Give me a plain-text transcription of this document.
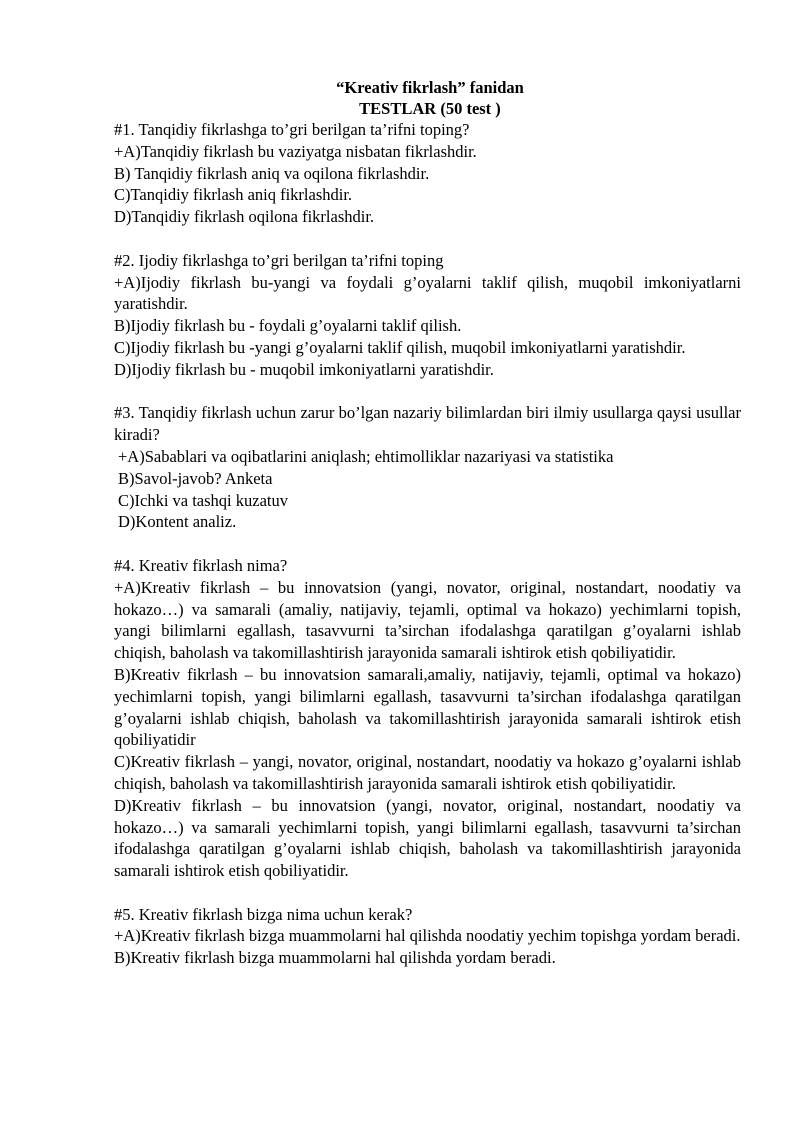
“Kreativ fikrlash” fanidan
TESTLAR (50 test )

#1. Tanqidiy fikrlashga to’gri berilgan ta’rifni toping?

+A)Tanqidiy fikrlash bu vaziyatga nisbatan fikrlashdir.

B) Tanqidiy fikrlash aniq va oqilona fikrlashdir.

C)Tanqidiy fikrlash aniq fikrlashdir.

D)Tanqidiy fikrlash oqilona fikrlashdir.

#2. Ijodiy fikrlashga to’gri berilgan ta’rifni toping

+A)Ijodiy fikrlash bu-yangi va foydali g’oyalarni taklif qilish, muqobil imkoniyatlarni yaratishdir.

B)Ijodiy fikrlash bu - foydali g’oyalarni taklif qilish.

C)Ijodiy fikrlash bu -yangi g’oyalarni taklif qilish, muqobil imkoniyatlarni yaratishdir.

D)Ijodiy fikrlash bu - muqobil imkoniyatlarni yaratishdir.

#3. Tanqidiy fikrlash uchun zarur bo’lgan nazariy bilimlardan biri ilmiy usullarga qaysi usullar kiradi?

+A)Sabablari va oqibatlarini aniqlash; ehtimolliklar nazariyasi va statistika

B)Savol-javob? Anketa

C)Ichki va tashqi kuzatuv

D)Kontent analiz.

#4. Kreativ fikrlash nima?

+A)Kreativ fikrlash – bu innovatsion (yangi, novator, original, nostandart, noodatiy va hokazo…) va samarali (amaliy, natijaviy, tejamli, optimal va hokazo) yechimlarni topish, yangi bilimlarni egallash, tasavvurni ta’sirchan ifodalashga qaratilgan g’oyalarni ishlab chiqish, baholash va takomillashtirish jarayonida samarali ishtirok etish qobiliyatidir.

B)Kreativ fikrlash – bu innovatsion samarali,amaliy, natijaviy, tejamli, optimal va hokazo) yechimlarni topish, yangi bilimlarni egallash, tasavvurni ta’sirchan ifodalashga qaratilgan g’oyalarni ishlab chiqish, baholash va takomillashtirish jarayonida samarali ishtirok etish qobiliyatidir

C)Kreativ fikrlash – yangi, novator, original, nostandart, noodatiy va hokazo g’oyalarni ishlab chiqish, baholash va takomillashtirish jarayonida samarali ishtirok etish qobiliyatidir.

D)Kreativ fikrlash – bu innovatsion (yangi, novator, original, nostandart, noodatiy va hokazo…) va samarali yechimlarni topish, yangi bilimlarni egallash, tasavvurni ta’sirchan ifodalashga qaratilgan g’oyalarni ishlab chiqish, baholash va takomillashtirish jarayonida samarali ishtirok etish qobiliyatidir.

#5. Kreativ fikrlash bizga nima uchun kerak?

+A)Kreativ fikrlash bizga muammolarni hal qilishda noodatiy yechim topishga yordam beradi.

B)Kreativ fikrlash bizga muammolarni hal qilishda yordam beradi.
